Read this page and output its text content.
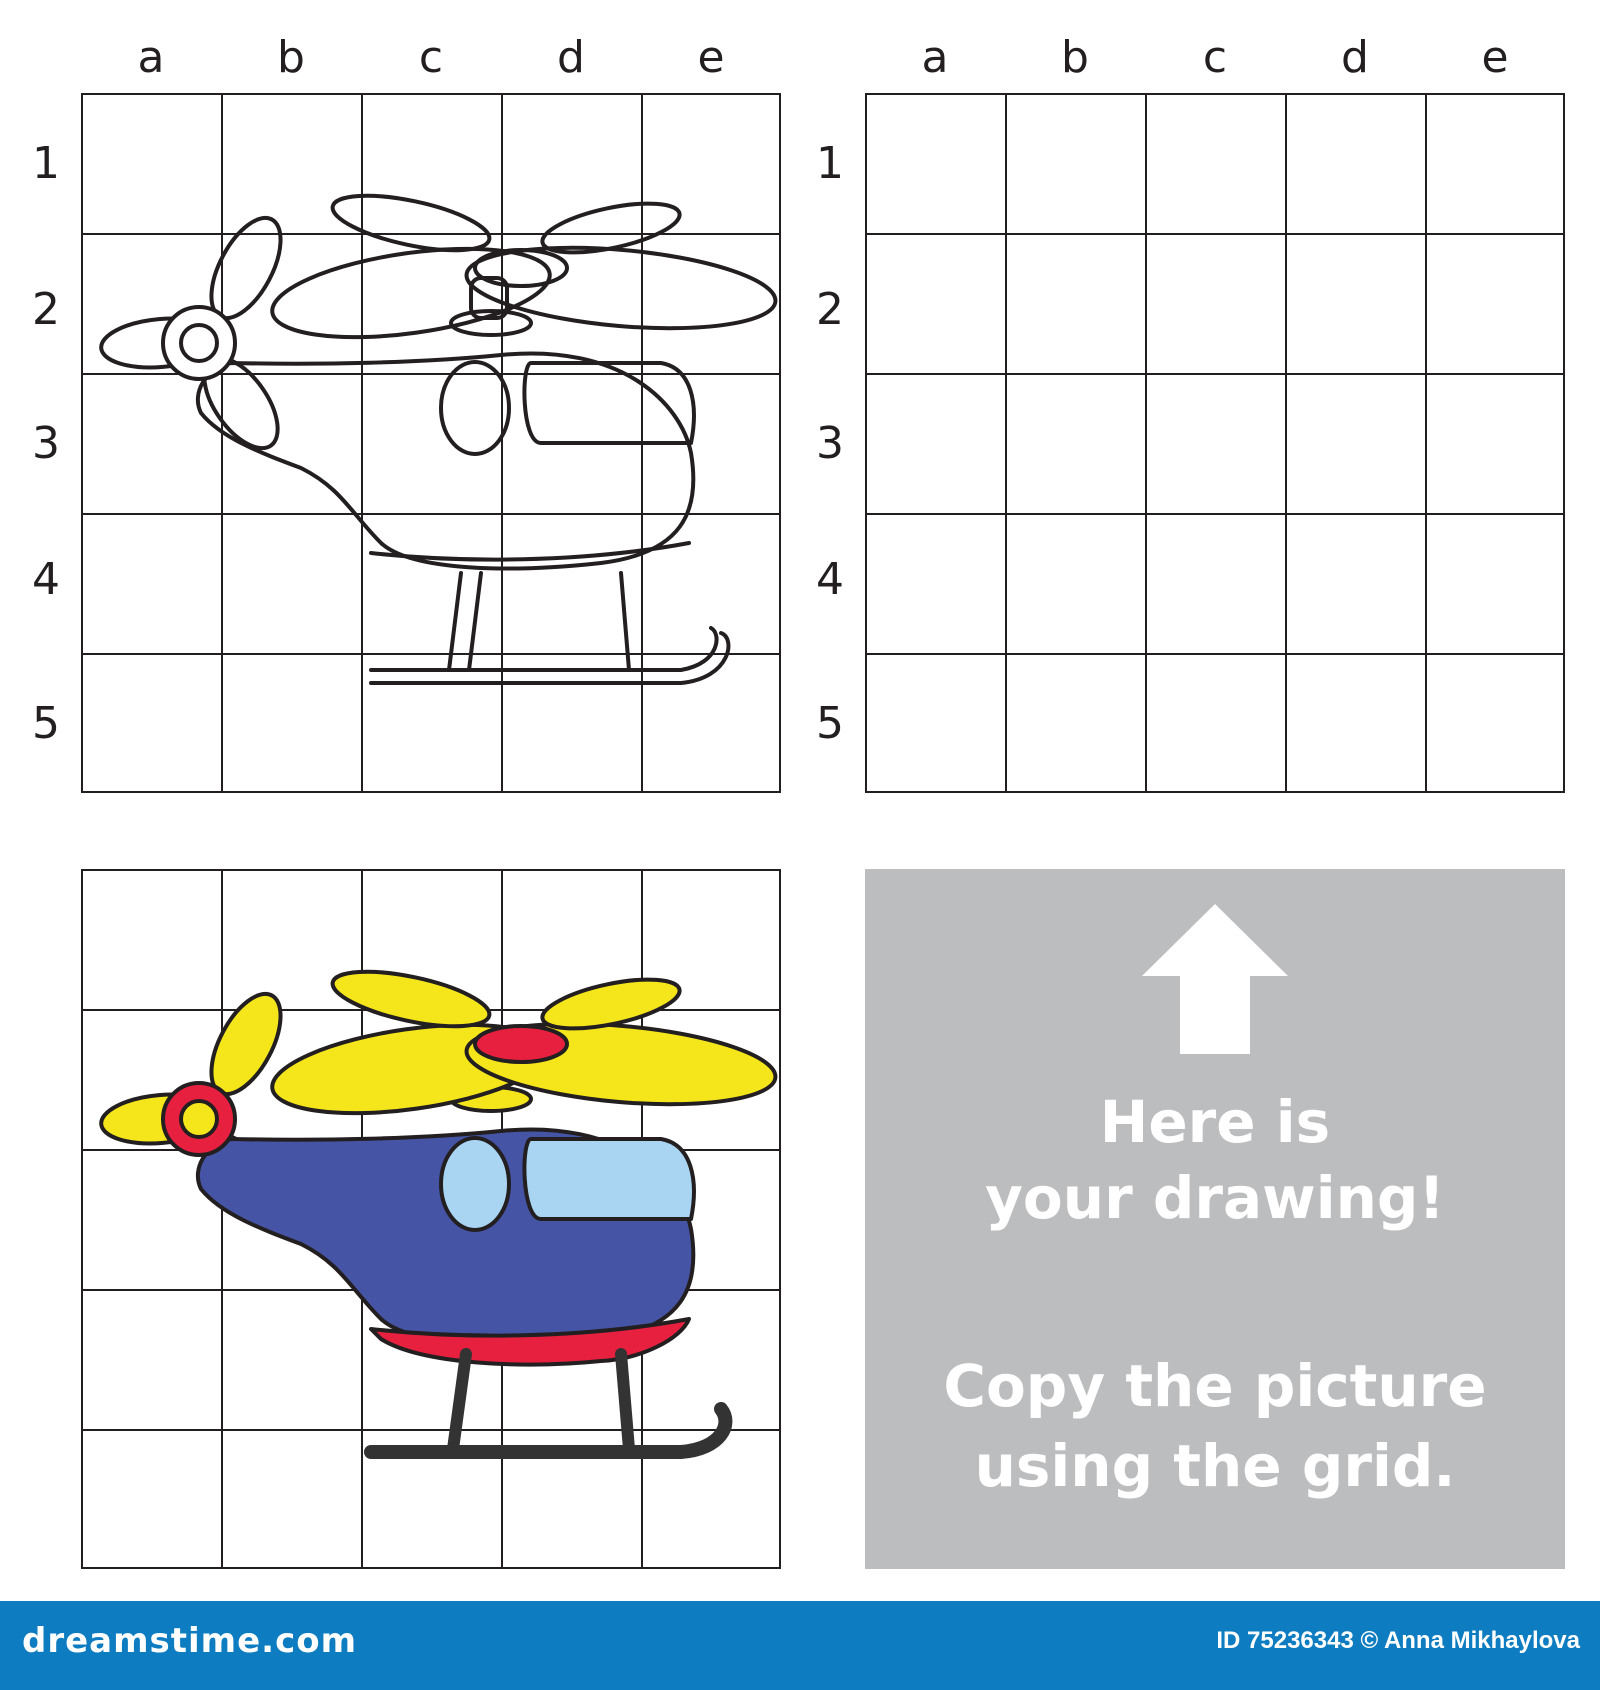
a	b	c	d	e	a	b	c	d	e
1
2
3
4
5
1
2
3
4
5
Here is
your drawing!
Copy the picture
using the grid.
dreamstime.com	ID 75236343 © Anna Mikhaylova
